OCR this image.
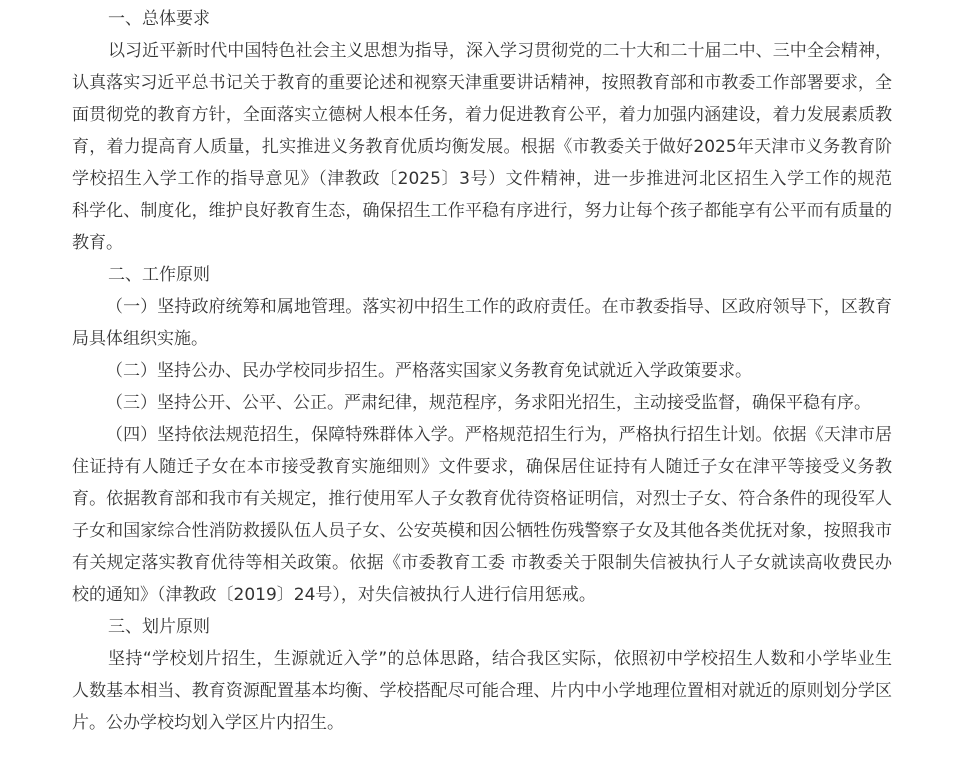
一、总体要求
以习近平新时代中国特色社会主义思想为指导，深入学习贯彻党的二十大和二十届二中、三中全会精神，
认真落实习近平总书记关于教育的重要论述和视察天津重要讲话精神，按照教育部和市教委工作部署要求，全
面贯彻党的教育方针，全面落实立德树人根本任务，着力促进教育公平，着力加强内涵建设，着力发展素质教
育，着力提高育人质量，扎实推进义务教育优质均衡发展。根据《市教委关于做好2025年天津市义务教育阶
学校招生入学工作的指导意见》（津教政〔2025〕3号）文件精神，进一步推进河北区招生入学工作的规范
科学化、制度化，维护良好教育生态，确保招生工作平稳有序进行，努力让每个孩子都能享有公平而有质量的
教育。
二、工作原则
（一）坚持政府统筹和属地管理。落实初中招生工作的政府责任。在市教委指导、区政府领导下，区教育
局具体组织实施。
（二）坚持公办、民办学校同步招生。严格落实国家义务教育免试就近入学政策要求。
（三）坚持公开、公平、公正。严肃纪律，规范程序，务求阳光招生，主动接受监督，确保平稳有序。
（四）坚持依法规范招生，保障特殊群体入学。严格规范招生行为，严格执行招生计划。依据《天津市居
住证持有人随迁子女在本市接受教育实施细则》文件要求，确保居住证持有人随迁子女在津平等接受义务教
育。依据教育部和我市有关规定，推行使用军人子女教育优待资格证明信，对烈士子女、符合条件的现役军人
子女和国家综合性消防救援队伍人员子女、公安英模和因公牺牲伤残警察子女及其他各类优抚对象，按照我市
有关规定落实教育优待等相关政策。依据《市委教育工委 市教委关于限制失信被执行人子女就读高收费民办
校的通知》（津教政〔2019〕24号），对失信被执行人进行信用惩戒。
三、划片原则
坚持“学校划片招生，生源就近入学”的总体思路，结合我区实际，依照初中学校招生人数和小学毕业生
人数基本相当、教育资源配置基本均衡、学校搭配尽可能合理、片内中小学地理位置相对就近的原则划分学区
片。公办学校均划入学区片内招生。
